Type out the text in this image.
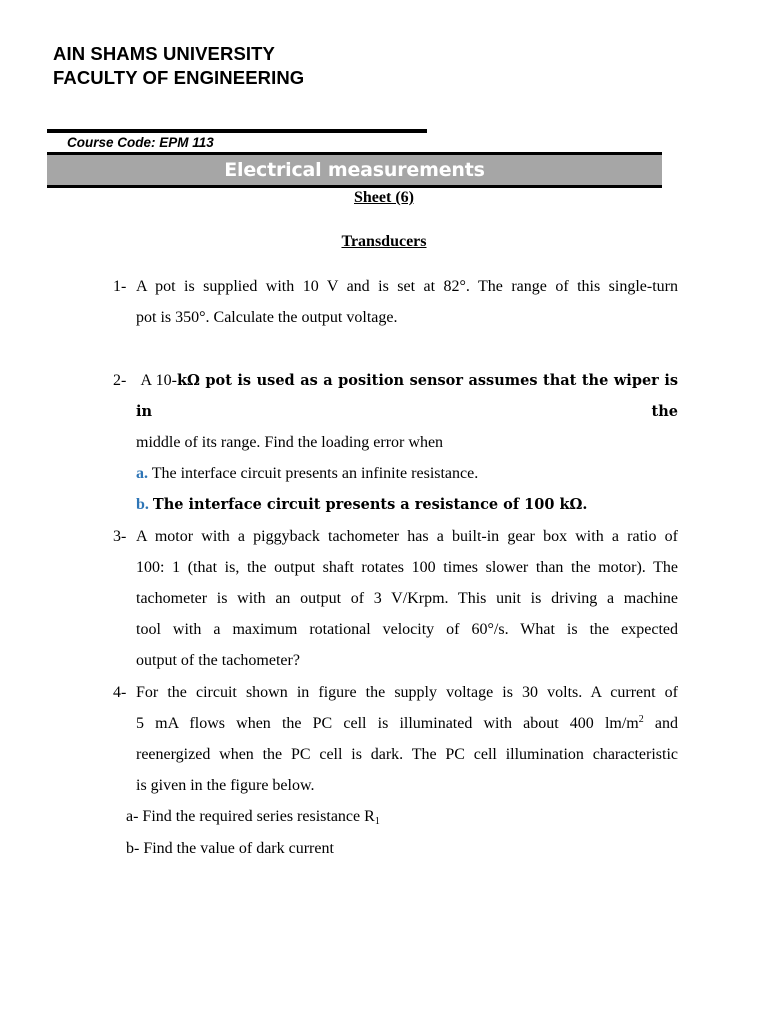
AIN SHAMS UNIVERSITY
FACULTY OF ENGINEERING
Course Code: EPM 113
Electrical measurements
Sheet (6)
Transducers
1- A pot is supplied with 10 V and is set at 82°. The range of this single-turn
pot is 350°. Calculate the output voltage.
2- A 10-kΩ pot is used as a position sensor assumes that the wiper is in the
middle of its range. Find the loading error when
a. The interface circuit presents an infinite resistance.
b. The interface circuit presents a resistance of 100 kΩ.
3- A motor with a piggyback tachometer has a built-in gear box with a ratio of
100: 1 (that is, the output shaft rotates 100 times slower than the motor). The
tachometer is with an output of 3 V/Krpm. This unit is driving a machine
tool with a maximum rotational velocity of 60°/s. What is the expected
output of the tachometer?
4- For the circuit shown in figure the supply voltage is 30 volts. A current of
5 mA flows when the PC cell is illuminated with about 400 $lm/m^2$ and
reenergized when the PC cell is dark. The PC cell illumination characteristic
is given in the figure below.
a- Find the required series resistance $R_1$
b- Find the value of dark current
